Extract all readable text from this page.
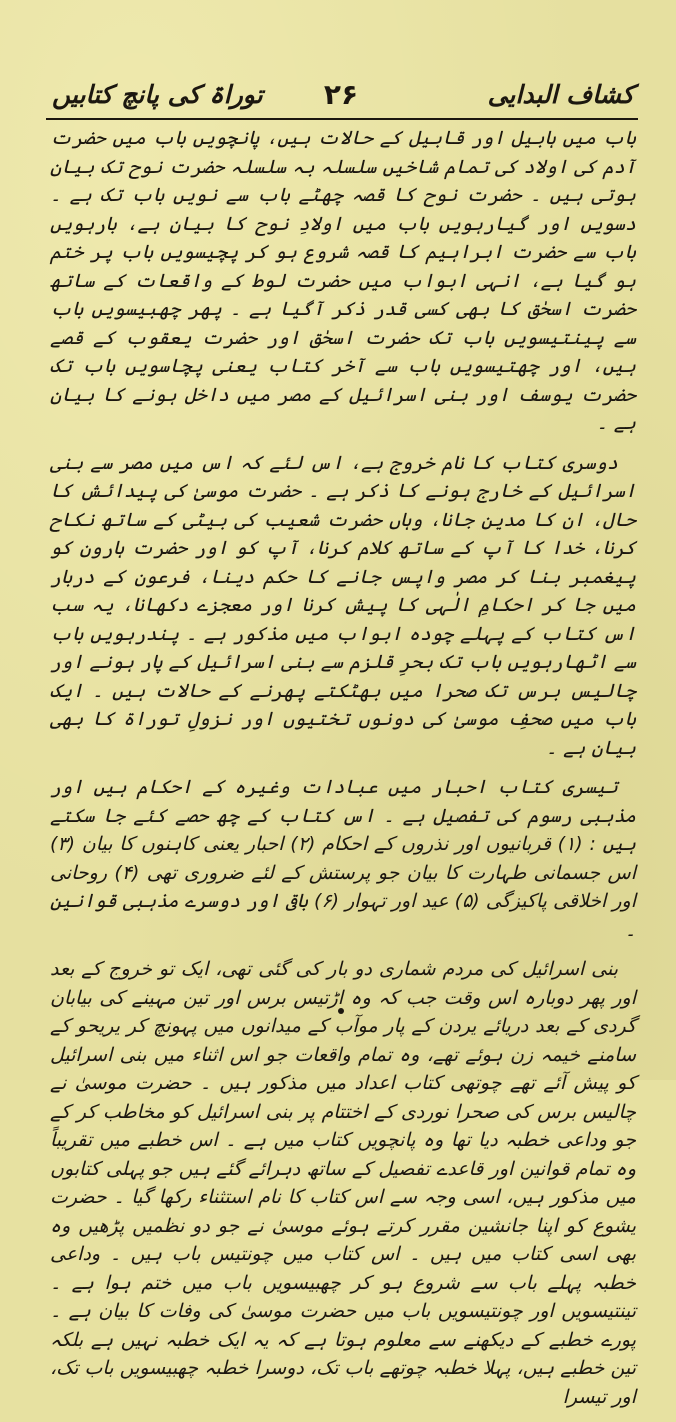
کشاف البدایی
۲۶
توراۃ کی پانچ کتابیں

باب میں ہابیل اور قابیل کے حالات ہیں، پانچویں باب میں حضرت آدم کی اولاد کی تمام شاخیں سلسلہ بہ سلسلہ حضرت نوح تک بیان ہوتی ہیں ۔ حضرت نوح کا قصہ چھٹے باب سے نویں باب تک ہے ۔ دسویں اور گیارہویں باب میں اولادِ نوح کا بیان ہے، بارہویں باب سے حضرت ابراہیم کا قصہ شروع ہو کر پچیسویں باب پر ختم ہو گیا ہے، انہی ابواب میں حضرت لوط کے واقعات کے ساتھ حضرت اسحٰق کا بھی کسی قدر ذکر آگیا ہے ۔ پھر چھبیسویں باب سے پینتیسویں باب تک حضرت اسحٰق اور حضرت یعقوب کے قصے ہیں، اور چھتیسویں باب سے آخر کتاب یعنی پچاسویں باب تک حضرت یوسف اور بنی اسرائیل کے مصر میں داخل ہونے کا بیان ہے ۔

دوسری کتاب کا نام خروج ہے، اس لئے کہ اس میں مصر سے بنی اسرائیل کے خارج ہونے کا ذکر ہے ۔ حضرت موسیٰ کی پیدائش کا حال، ان کا مدین جانا، وہاں حضرت شعیب کی بیٹی کے ساتھ نکاح کرنا، خدا کا آپ کے ساتھ کلام کرنا، آپ کو اور حضرت ہارون کو پیغمبر بنا کر مصر واپس جانے کا حکم دینا، فرعون کے دربار میں جا کر احکامِ الٰہی کا پیش کرنا اور معجزے دکھانا، یہ سب اس کتاب کے پہلے چودہ ابواب میں مذکور ہے ۔ پندرہویں باب سے اٹھارہویں باب تک بحرِ قلزم سے بنی اسرائیل کے پار ہونے اور چالیس برس تک صحرا میں بھٹکتے پھرنے کے حالات ہیں ۔ ایک باب میں صحفِ موسیٰ کی دونوں تختیوں اور نزولِ توراۃ کا بھی بیان ہے ۔

تیسری کتاب احبار میں عبادات وغیرہ کے احکام ہیں اور مذہبی رسوم کی تفصیل ہے ۔ اس کتاب کے چھ حصے کئے جا سکتے ہیں : (۱) قربانیوں اور نذروں کے احکام (۲) احبار یعنی کاہنوں کا بیان (۳) اس جسمانی طہارت کا بیان جو پرستش کے لئے ضروری تھی (۴) روحانی اور اخلاقی پاکیزگی (۵) عید اور تہوار (۶) باقی اور دوسرے مذہبی قوانین ۔

بنی اسرائیل کی مردم شماری دو بار کی گئی تھی، ایک تو خروج کے بعد اور پھر دوبارہ اس وقت جب کہ وہ اڑتیس برس اور تین مہینے کی بیابان گردی کے بعد دریائے یردن کے پار موآب کے میدانوں میں پہونچ کر یریحو کے سامنے خیمہ زن ہوئے تھے، وہ تمام واقعات جو اس اثناء میں بنی اسرائیل کو پیش آئے تھے چوتھی کتاب اعداد میں مذکور ہیں ۔ حضرت موسیٰ نے چالیس برس کی صحرا نوردی کے اختتام پر بنی اسرائیل کو مخاطب کر کے جو وداعی خطبہ دیا تھا وہ پانچویں کتاب میں ہے ۔ اس خطبے میں تقریباً وہ تمام قوانین اور قاعدے تفصیل کے ساتھ دہرائے گئے ہیں جو پہلی کتابوں میں مذکور ہیں، اسی وجہ سے اس کتاب کا نام استثناء رکھا گیا ۔ حضرت یشوع کو اپنا جانشین مقرر کرتے ہوئے موسیٰ نے جو دو نظمیں پڑھیں وہ بھی اسی کتاب میں ہیں ۔ اس کتاب میں چونتیس باب ہیں ۔ وداعی خطبہ پہلے باب سے شروع ہو کر چھبیسویں باب میں ختم ہوا ہے ۔ تینتیسویں اور چونتیسویں باب میں حضرت موسیٰ کی وفات کا بیان ہے ۔ پورے خطبے کے دیکھنے سے معلوم ہوتا ہے کہ یہ ایک خطبہ نہیں ہے بلکہ تین خطبے ہیں، پہلا خطبہ چوتھے باب تک، دوسرا خطبہ چھبیسویں باب تک، اور تیسرا
